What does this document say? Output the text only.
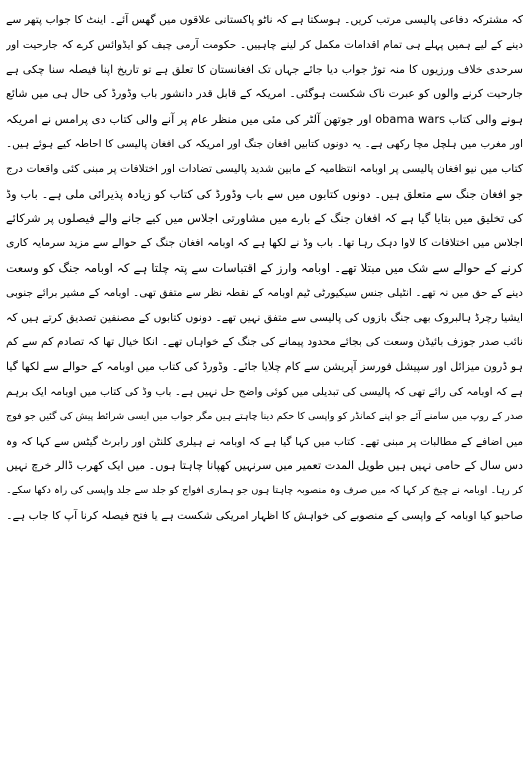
کہ مشترکہ دفاعی پالیسی مرتب کریں۔ ہوسکتا ہے کہ ناٹو پاکستانی علاقوں میں گھس آئے۔ اینٹ کا جواب پتھر سے
دینے کے لیے ہمیں پہلے ہی تمام اقدامات مکمل کر لینے چاہییں۔ حکومت آرمی چیف کو ایڈوائس کرے کہ جارحیت اور
سرحدی خلاف ورزیوں کا منہ توڑ جواب دیا جائے جہاں تک افغانستان کا تعلق ہے تو تاریخ اپنا فیصلہ سنا چکی ہے
جارحیت کرنے والوں کو عبرت ناک شکست ہوگئی۔ امریکہ کے قابل قدر دانشور باب وڈورڈ کی حال ہی میں شائع
ہونے والی کتاب obama wars اور جوتھن آلٹر کی مئی میں منظر عام پر آنے والی کتاب دی پرامس نے امریکہ
اور مغرب میں ہلچل مچا رکھی ہے۔ یہ دونوں کتابیں افغان جنگ اور امریکہ کی افغان پالیسی کا احاطہ کیے ہوئے ہیں۔
کتاب میں نیو افغان پالیسی پر اوبامہ انتظامیہ کے مابین شدید پالیسی تضادات اور اختلافات پر مبنی کئی واقعات درج
جو افغان جنگ سے متعلق ہیں۔ دونوں کتابوں میں سے باب وڈورڈ کی کتاب کو زیادہ پذیرائی ملی ہے۔ باب وڈ
کی تخلیق میں بتایا گیا ہے کہ افغان جنگ کے بارے میں مشاورتی اجلاس میں کیے جانے والے فیصلوں پر شرکائے
اجلاس میں اختلافات کا لاوا دہک رہا تھا۔ باب وڈ نے لکھا ہے کہ اوبامہ افغان جنگ کے حوالے سے مزید سرمایہ کاری
کرنے کے حوالے سے شک میں مبتلا تھے۔ اوبامہ وارز کے اقتباسات سے پتہ چلتا ہے کہ اوبامہ جنگ کو وسعت
دینے کے حق میں نہ تھے۔ انٹیلی جنس سیکیورٹی ٹیم اوبامہ کے نقطہ نظر سے متفق تھی۔ اوبامہ کے مشیر برائے جنوبی
ایشیا رچرڈ ہالبروک بھی جنگ بازوں کی پالیسی سے متفق نہیں تھے۔ دونوں کتابوں کے مصنفین تصدیق کرتے ہیں کہ
نائب صدر جوزف بائیڈن وسعت کی بجائے محدود پیمانے کی جنگ کے خواہاں تھے۔ انکا خیال تھا کہ تصادم کم سے کم
ہو ڈرون میزائل اور سپیشل فورسز آپریشن سے کام چلایا جائے۔ وڈورڈ کی کتاب میں اوبامہ کے حوالے سے لکھا گیا
ہے کہ اوبامہ کی رائے تھی کہ پالیسی کی تبدیلی میں کوئی واضح حل نہیں ہے۔ باب وڈ کی کتاب میں اوبامہ ایک برہم
صدر کے روپ میں سامنے آئے جو اپنے کمانڈر کو واپسی کا حکم دینا چاہتے ہیں مگر جواب میں ایسی شرائط پیش کی گئیں جو فوج
میں اضافے کے مطالبات پر مبنی تھے۔ کتاب میں کہا گیا ہے کہ اوبامہ نے ہیلری کلنٹن اور رابرٹ گیٹس سے کہا کہ وہ
دس سال کے حامی نہیں ہیں طویل المدت تعمیر میں سرنہیں کھپانا چاہتا ہوں۔ میں ایک کھرب ڈالر خرچ نہیں
کر رہا۔ اوبامہ نے چیخ کر کہا کہ میں صرف وہ منصوبہ چاہتا ہوں جو ہماری افواج کو جلد سے جلد واپسی کی راہ دکھا سکے۔
صاحبو کیا اوبامہ کے واپسی کے منصوبے کی خواہش کا اظہار امریکی شکست ہے یا فتح فیصلہ کرنا آپ کا جاب ہے۔
